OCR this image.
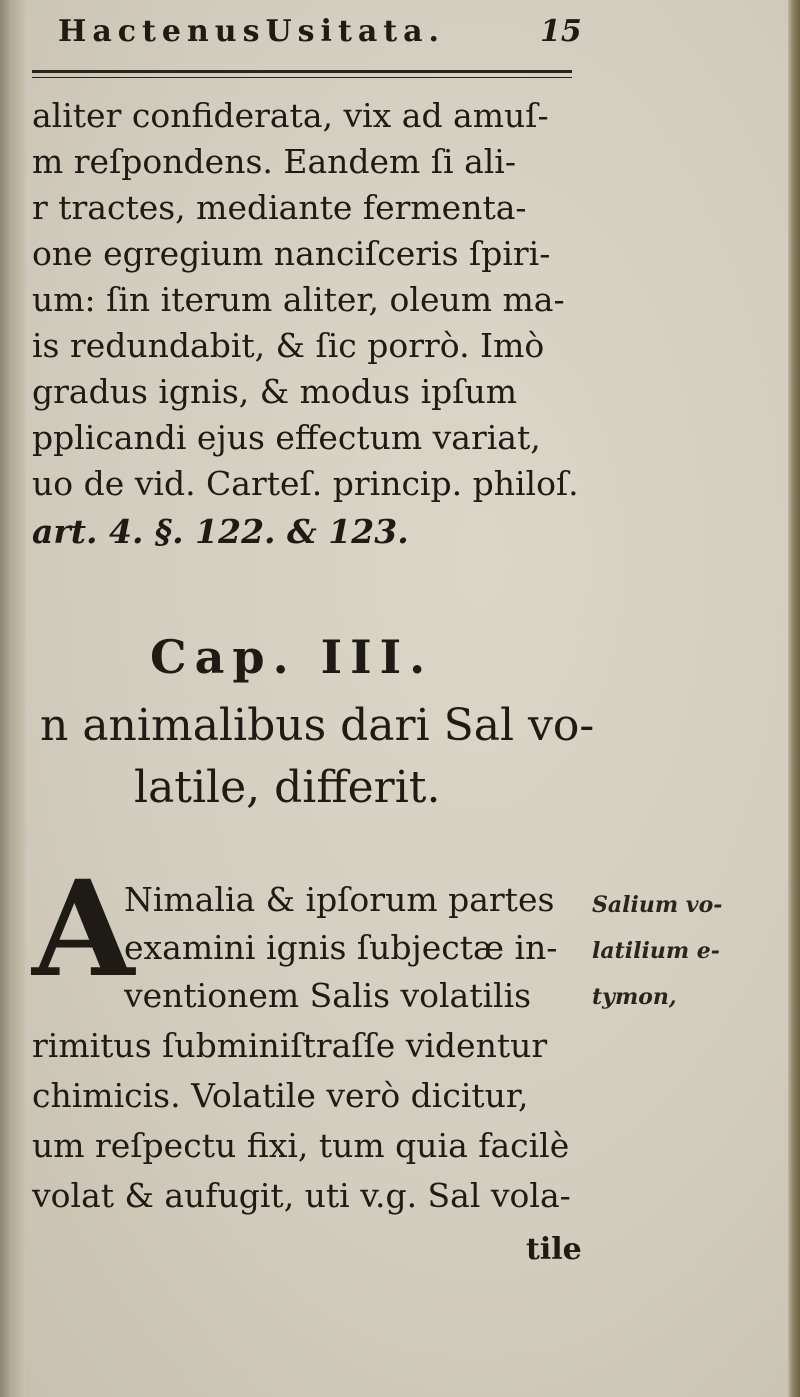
HactenusUsitata.	15
aliter confiderata, vix ad amuſ-
m reſpondens. Eandem ſi ali-
r tractes, mediante fermenta-
one egregium nanciſceris ſpiri-
um: ſin iterum aliter, oleum ma-
is redundabit, & ſic porrò. Imò
gradus ignis, & modus ipſum
pplicandi ejus effectum variat,
uo de vid. Carteſ. princip. philoſ.
art. 4. §. 122. & 123.
Cap. III.
n animalibus dari Sal vo-
latile, differit.
A
Nimalia & ipſorum partes
examini ignis ſubjectæ in-
ventionem Salis volatilis
rimitus ſubminiſtraſſe videntur
chimicis. Volatile verò dicitur,
um reſpectu fixi, tum quia facilè
volat & aufugit, uti v.g. Sal vola-
tile
Salium vo-
latilium e-
tymon,
